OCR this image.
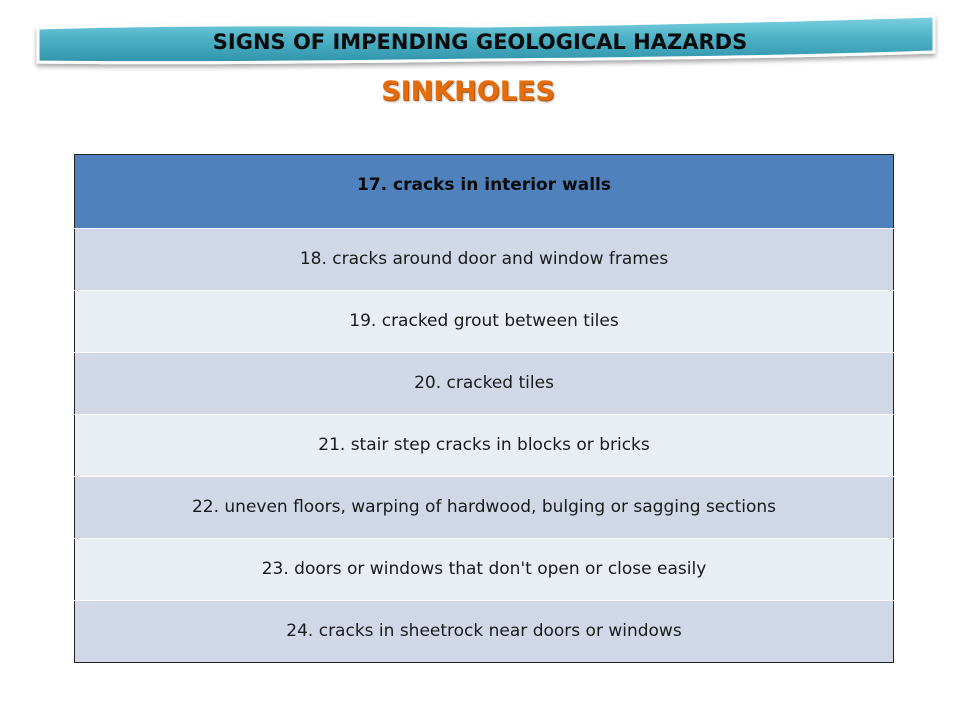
SIGNS OF IMPENDING GEOLOGICAL HAZARDS
SINKHOLES
17. cracks in interior walls
18. cracks around door and window frames
19. cracked grout between tiles
20. cracked tiles
21. stair step cracks in blocks or bricks
22. uneven floors, warping of hardwood, bulging or sagging sections
23. doors or windows that don't open or close easily
24. cracks in sheetrock near doors or windows
